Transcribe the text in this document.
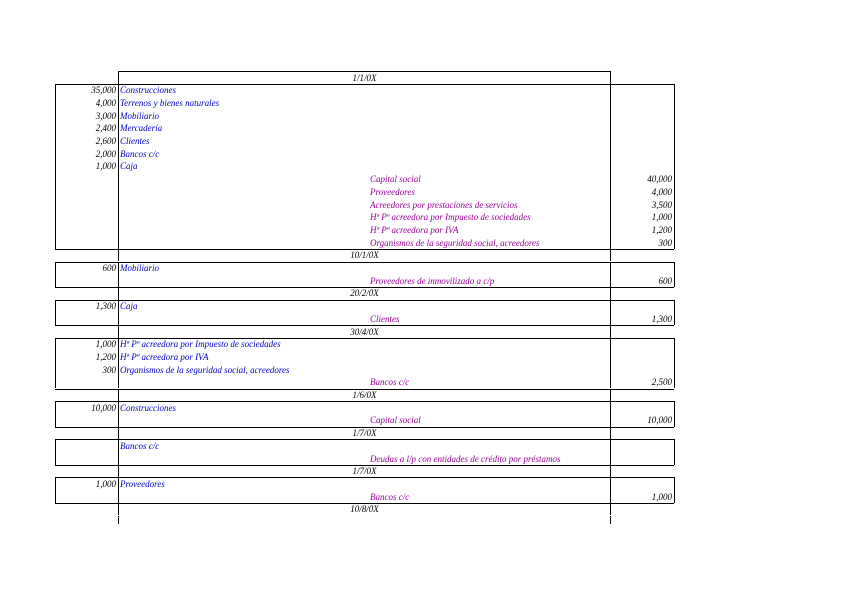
1/1/0X
35,000 Construcciones
4,000 Terrenos y bienes naturales
3,000 Mobiliario
2,400 Mercadería
2,600 Clientes
2,000 Bancos c/c
1,000 Caja
Capital social	40,000
Proveedores	4,000
Acreedores por prestaciones de servicios	3,500
Hª Pª acreedora por Impuesto de sociedades	1,000
Hª Pª acreedora por IVA	1,200
Organismos de la seguridad social, acreedores	300
10/1/0X
600 Mobiliario
Proveedores de inmovilizado a c/p	600
20/2/0X
1,300 Caja
Clientes	1,300
30/4/0X
1,000 Hª Pª acreedora por Impuesto de sociedades
1,200 Hª Pª acreedora por IVA
300 Organismos de la seguridad social, acreedores
Bancos c/c	2,500
1/6/0X
10,000 Construcciones
Capital social	10,000
1/7/0X
Bancos c/c
Deudas a l/p con entidades de crédito por préstamos
1/7/0X
1,000 Proveedores
Bancos c/c	1,000
10/8/0X
